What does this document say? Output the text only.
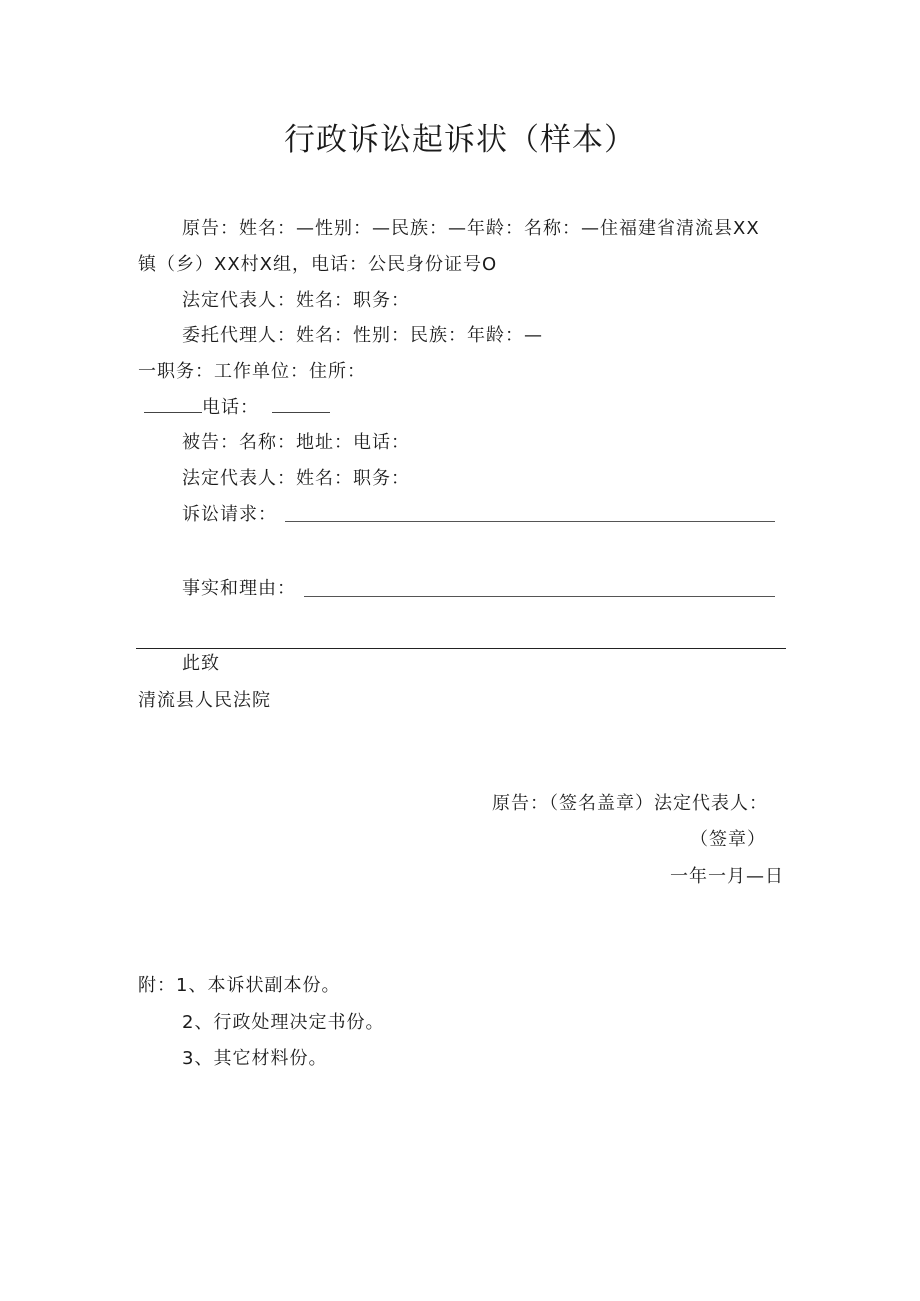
行政诉讼起诉状（样本）
原告：姓名：—性别：—民族：—年龄：名称：—住福建省清流县XX
镇（乡）XX村X组，电话：公民身份证号O
法定代表人：姓名：职务：
委托代理人：姓名：性别：民族：年龄：—
一职务：工作单位：住所：
电话：
被告：名称：地址：电话：
法定代表人：姓名：职务：
诉讼请求：
事实和理由：
此致
清流县人民法院
原告：（签名盖章）法定代表人：
（签章）
一年一月—日
附：1、本诉状副本份。
2、行政处理决定书份。
3、其它材料份。
